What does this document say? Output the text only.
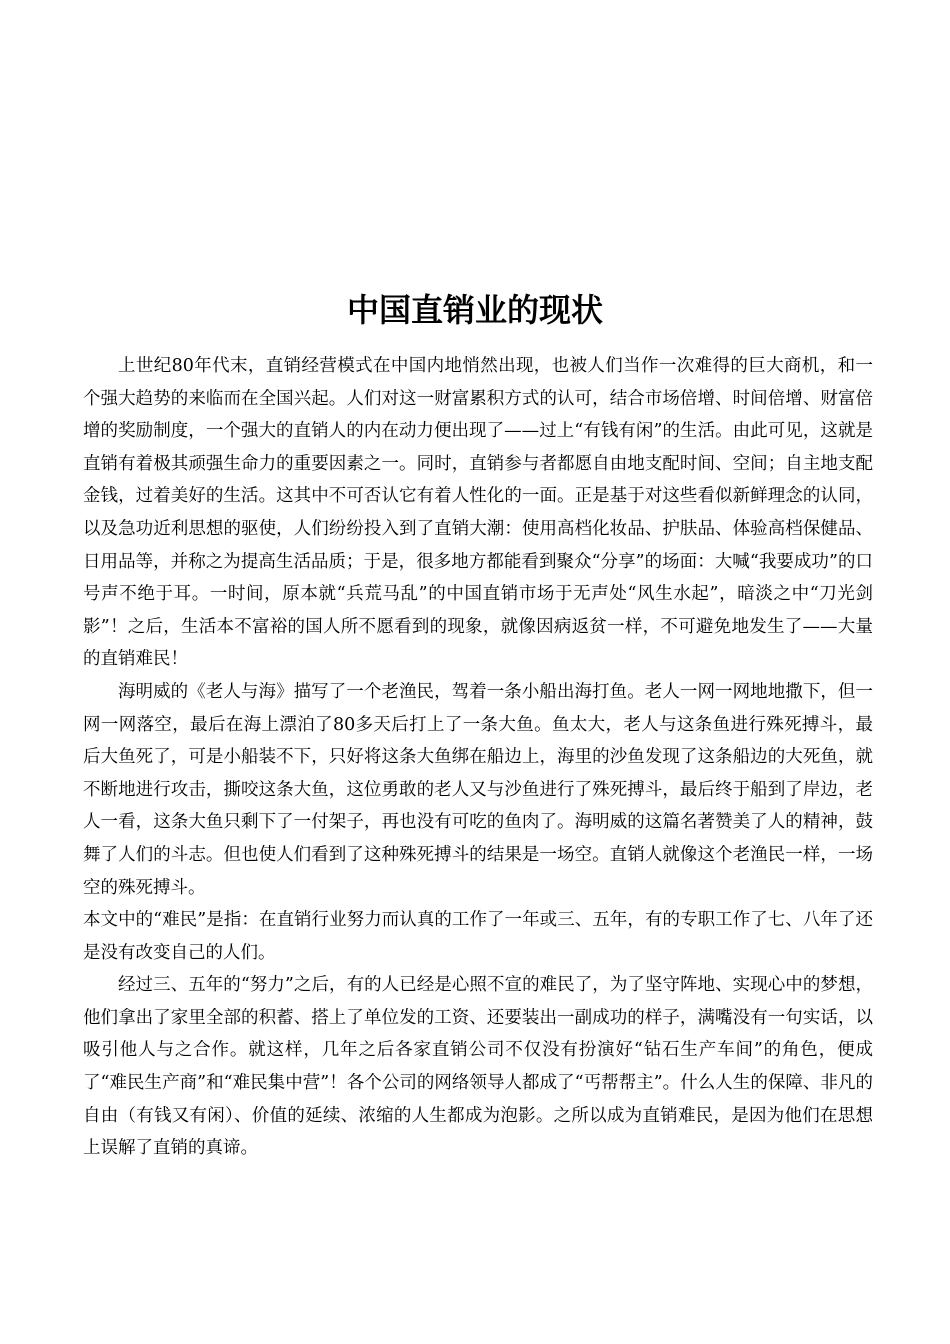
中国直销业的现状

上世纪80年代末，直销经营模式在中国内地悄然出现，也被人们当作一次难得的巨大商机，和一个强大趋势的来临而在全国兴起。人们对这一财富累积方式的认可，结合市场倍增、时间倍增、财富倍增的奖励制度，一个强大的直销人的内在动力便出现了——过上“有钱有闲”的生活。由此可见，这就是直销有着极其顽强生命力的重要因素之一。同时，直销参与者都愿自由地支配时间、空间；自主地支配金钱，过着美好的生活。这其中不可否认它有着人性化的一面。正是基于对这些看似新鲜理念的认同，以及急功近利思想的驱使，人们纷纷投入到了直销大潮：使用高档化妆品、护肤品、体验高档保健品、日用品等，并称之为提高生活品质；于是，很多地方都能看到聚众“分享”的场面：大喊“我要成功”的口号声不绝于耳。一时间，原本就“兵荒马乱”的中国直销市场于无声处“风生水起”，暗淡之中“刀光剑影”！之后，生活本不富裕的国人所不愿看到的现象，就像因病返贫一样，不可避免地发生了——大量的直销难民！

海明威的《老人与海》描写了一个老渔民，驾着一条小船出海打鱼。老人一网一网地地撒下，但一网一网落空，最后在海上漂泊了80多天后打上了一条大鱼。鱼太大，老人与这条鱼进行殊死搏斗，最后大鱼死了，可是小船装不下，只好将这条大鱼绑在船边上，海里的沙鱼发现了这条船边的大死鱼，就不断地进行攻击，撕咬这条大鱼，这位勇敢的老人又与沙鱼进行了殊死搏斗，最后终于船到了岸边，老人一看，这条大鱼只剩下了一付架子，再也没有可吃的鱼肉了。海明威的这篇名著赞美了人的精神，鼓舞了人们的斗志。但也使人们看到了这种殊死搏斗的结果是一场空。直销人就像这个老渔民一样，一场空的殊死搏斗。

本文中的“难民”是指：在直销行业努力而认真的工作了一年或三、五年，有的专职工作了七、八年了还是没有改变自己的人们。

经过三、五年的“努力”之后，有的人已经是心照不宣的难民了，为了坚守阵地、实现心中的梦想，他们拿出了家里全部的积蓄、搭上了单位发的工资、还要装出一副成功的样子，满嘴没有一句实话，以吸引他人与之合作。就这样，几年之后各家直销公司不仅没有扮演好“钻石生产车间”的角色，便成了“难民生产商”和“难民集中营”！各个公司的网络领导人都成了“丐帮帮主”。什么人生的保障、非凡的自由（有钱又有闲）、价值的延续、浓缩的人生都成为泡影。之所以成为直销难民，是因为他们在思想上误解了直销的真谛。
